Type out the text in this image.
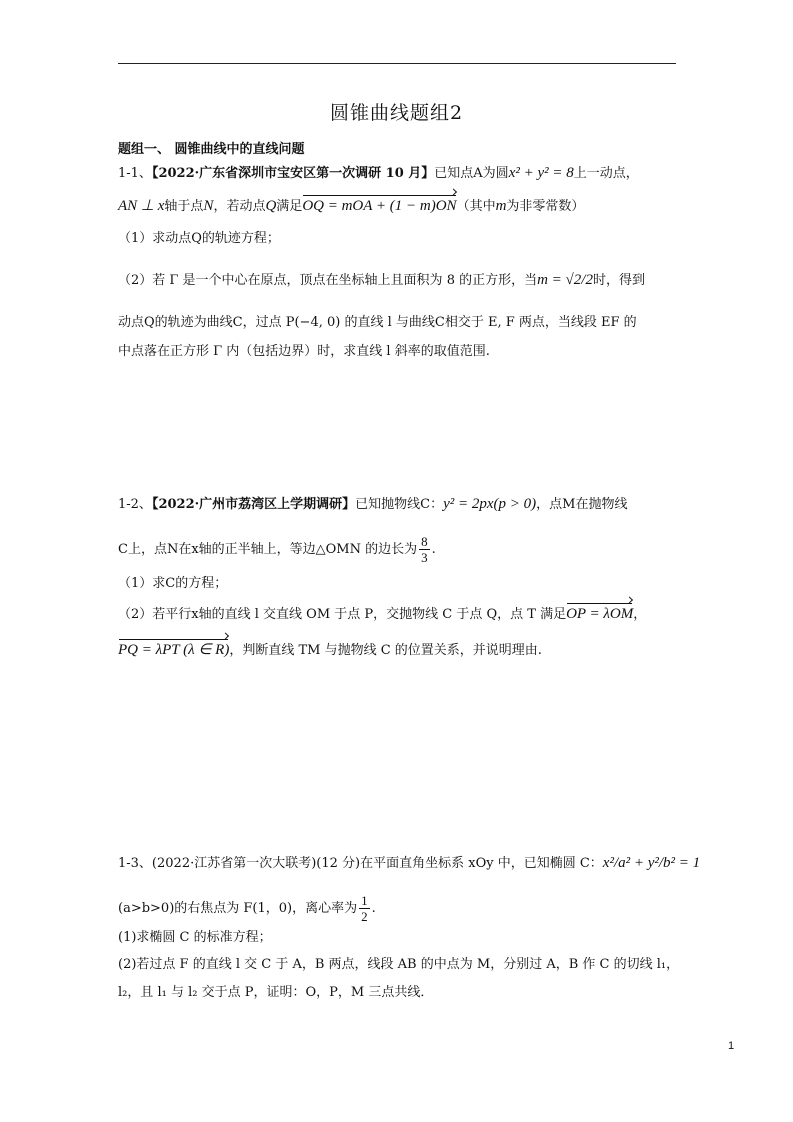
圆锥曲线题组2
题组一、 圆锥曲线中的直线问题
1-1、【2022·广东省深圳市宝安区第一次调研 10 月】已知点A为圆x² + y² = 8上一动点，
AN ⊥ x轴于点N，若动点Q满足OQ = mOA + (1 − m)ON（其中m为非零常数）
（1）求动点Q的轨迹方程；
（2）若 Γ 是一个中心在原点，顶点在坐标轴上且面积为 8 的正方形，当m = √2/2时，得到
动点Q的轨迹为曲线C，过点 P(−4, 0) 的直线 l 与曲线C相交于 E, F 两点，当线段 EF 的
中点落在正方形 Γ 内（包括边界）时，求直线 l 斜率的取值范围.
1-2、【2022·广州市荔湾区上学期调研】已知抛物线C：y² = 2px(p > 0)，点M在抛物线
C上，点N在x轴的正半轴上，等边△OMN 的边长为 $\frac{8}{3}$ .
（1）求C的方程；
（2）若平行x轴的直线 l 交直线 OM 于点 P，交抛物线 C 于点 Q，点 T 满足OP = λOM，
PQ = λPT (λ ∈ R)，判断直线 TM 与抛物线 C 的位置关系，并说明理由.
1-3、(2022·江苏省第一次大联考)(12 分)在平面直角坐标系 xOy 中，已知椭圆 C：x²/a² + y²/b² = 1
(a>b>0)的右焦点为 F(1，0)，离心率为 $\frac{1}{2}$ .
(1)求椭圆 C 的标准方程；
(2)若过点 F 的直线 l 交 C 于 A，B 两点，线段 AB 的中点为 M，分别过 A，B 作 C 的切线 l₁，
l₂，且 l₁ 与 l₂ 交于点 P，证明：O，P，M 三点共线．
1
